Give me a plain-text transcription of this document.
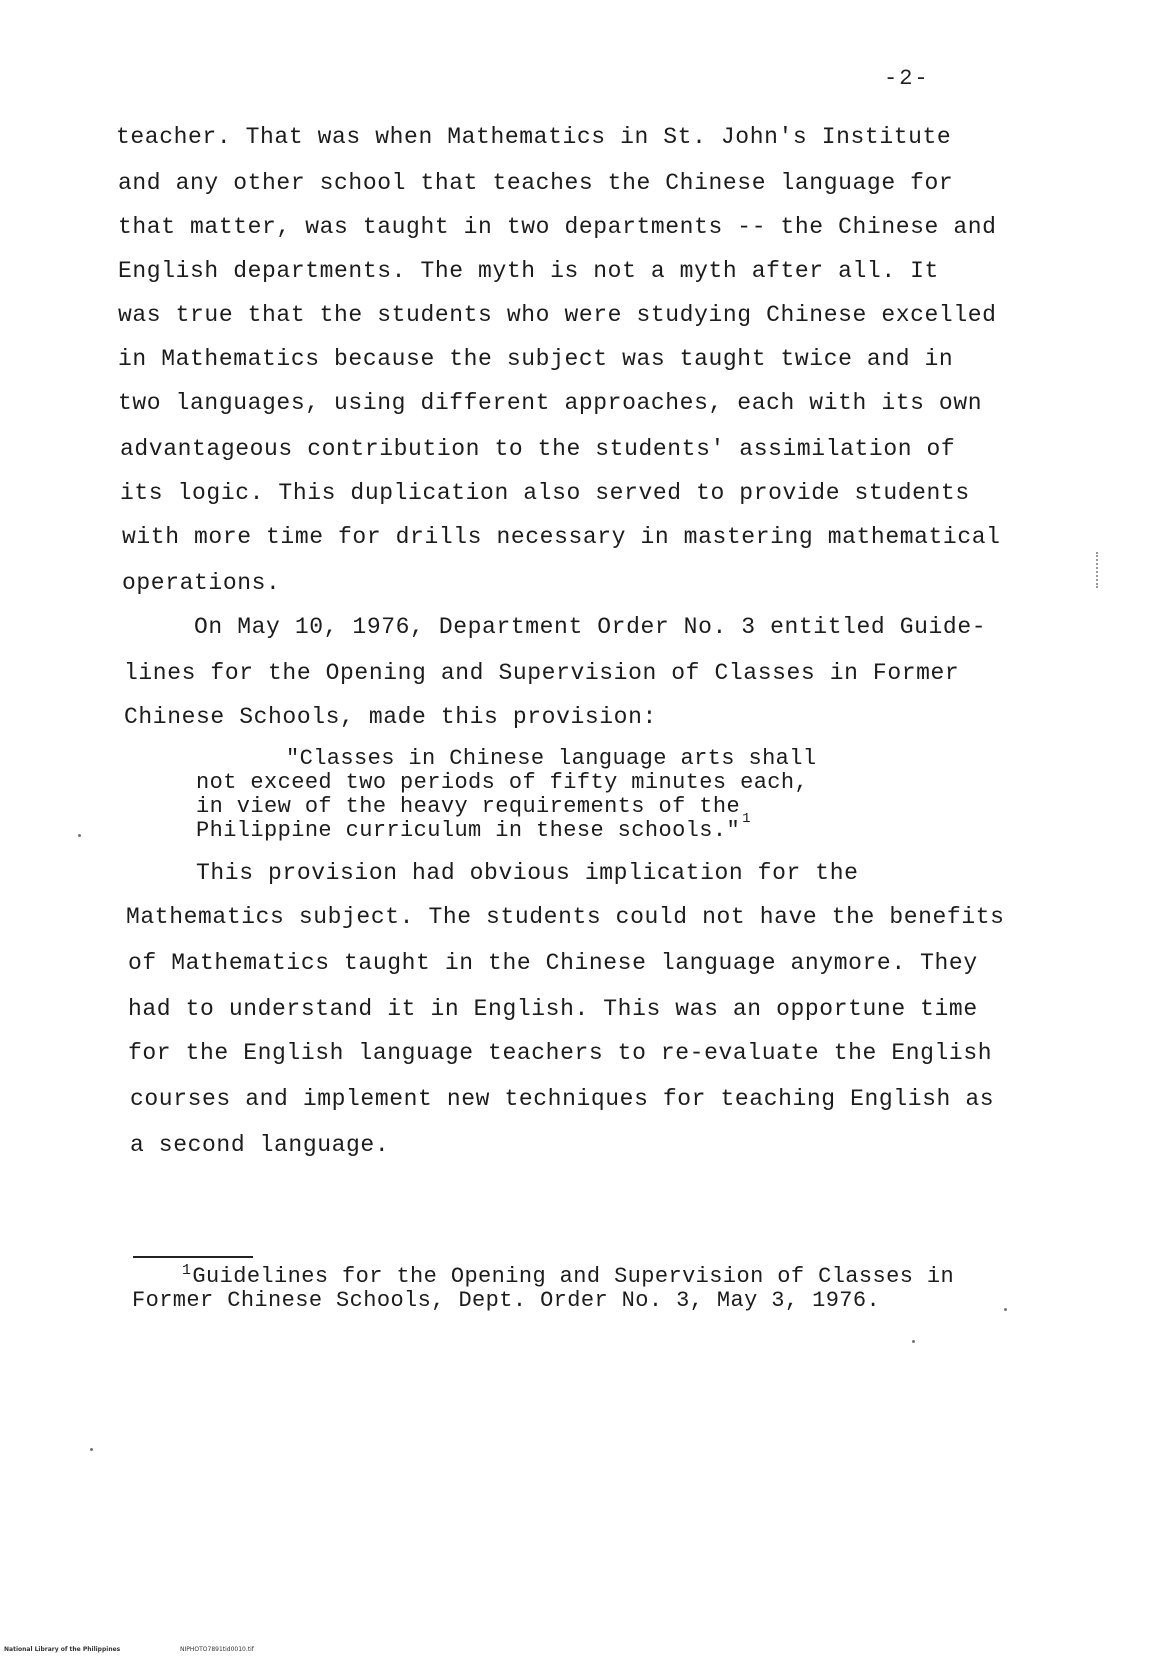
-2-
teacher. That was when Mathematics in St. John's Institute
and any other school that teaches the Chinese language for
that matter, was taught in two departments -- the Chinese and
English departments. The myth is not a myth after all. It
was true that the students who were studying Chinese excelled
in Mathematics because the subject was taught twice and in
two languages, using different approaches, each with its own
advantageous contribution to the students' assimilation of
its logic. This duplication also served to provide students
with more time for drills necessary in mastering mathematical
operations.
On May 10, 1976, Department Order No. 3 entitled Guide-
lines for the Opening and Supervision of Classes in Former
Chinese Schools, made this provision:
"Classes in Chinese language arts shall
not exceed two periods of fifty minutes each,
in view of the heavy requirements of the $_1$
Philippine curriculum in these schools."
This provision had obvious implication for the
Mathematics subject. The students could not have the benefits
of Mathematics taught in the Chinese language anymore. They
had to understand it in English. This was an opportune time
for the English language teachers to re-evaluate the English
courses and implement new techniques for teaching English as
a second language.
$^1$Guidelines for the Opening and Supervision of Classes in
Former Chinese Schools, Dept. Order No. 3, May 3, 1976.
National Library of the Philippines	NIPHOTO7891tid0010.tif
